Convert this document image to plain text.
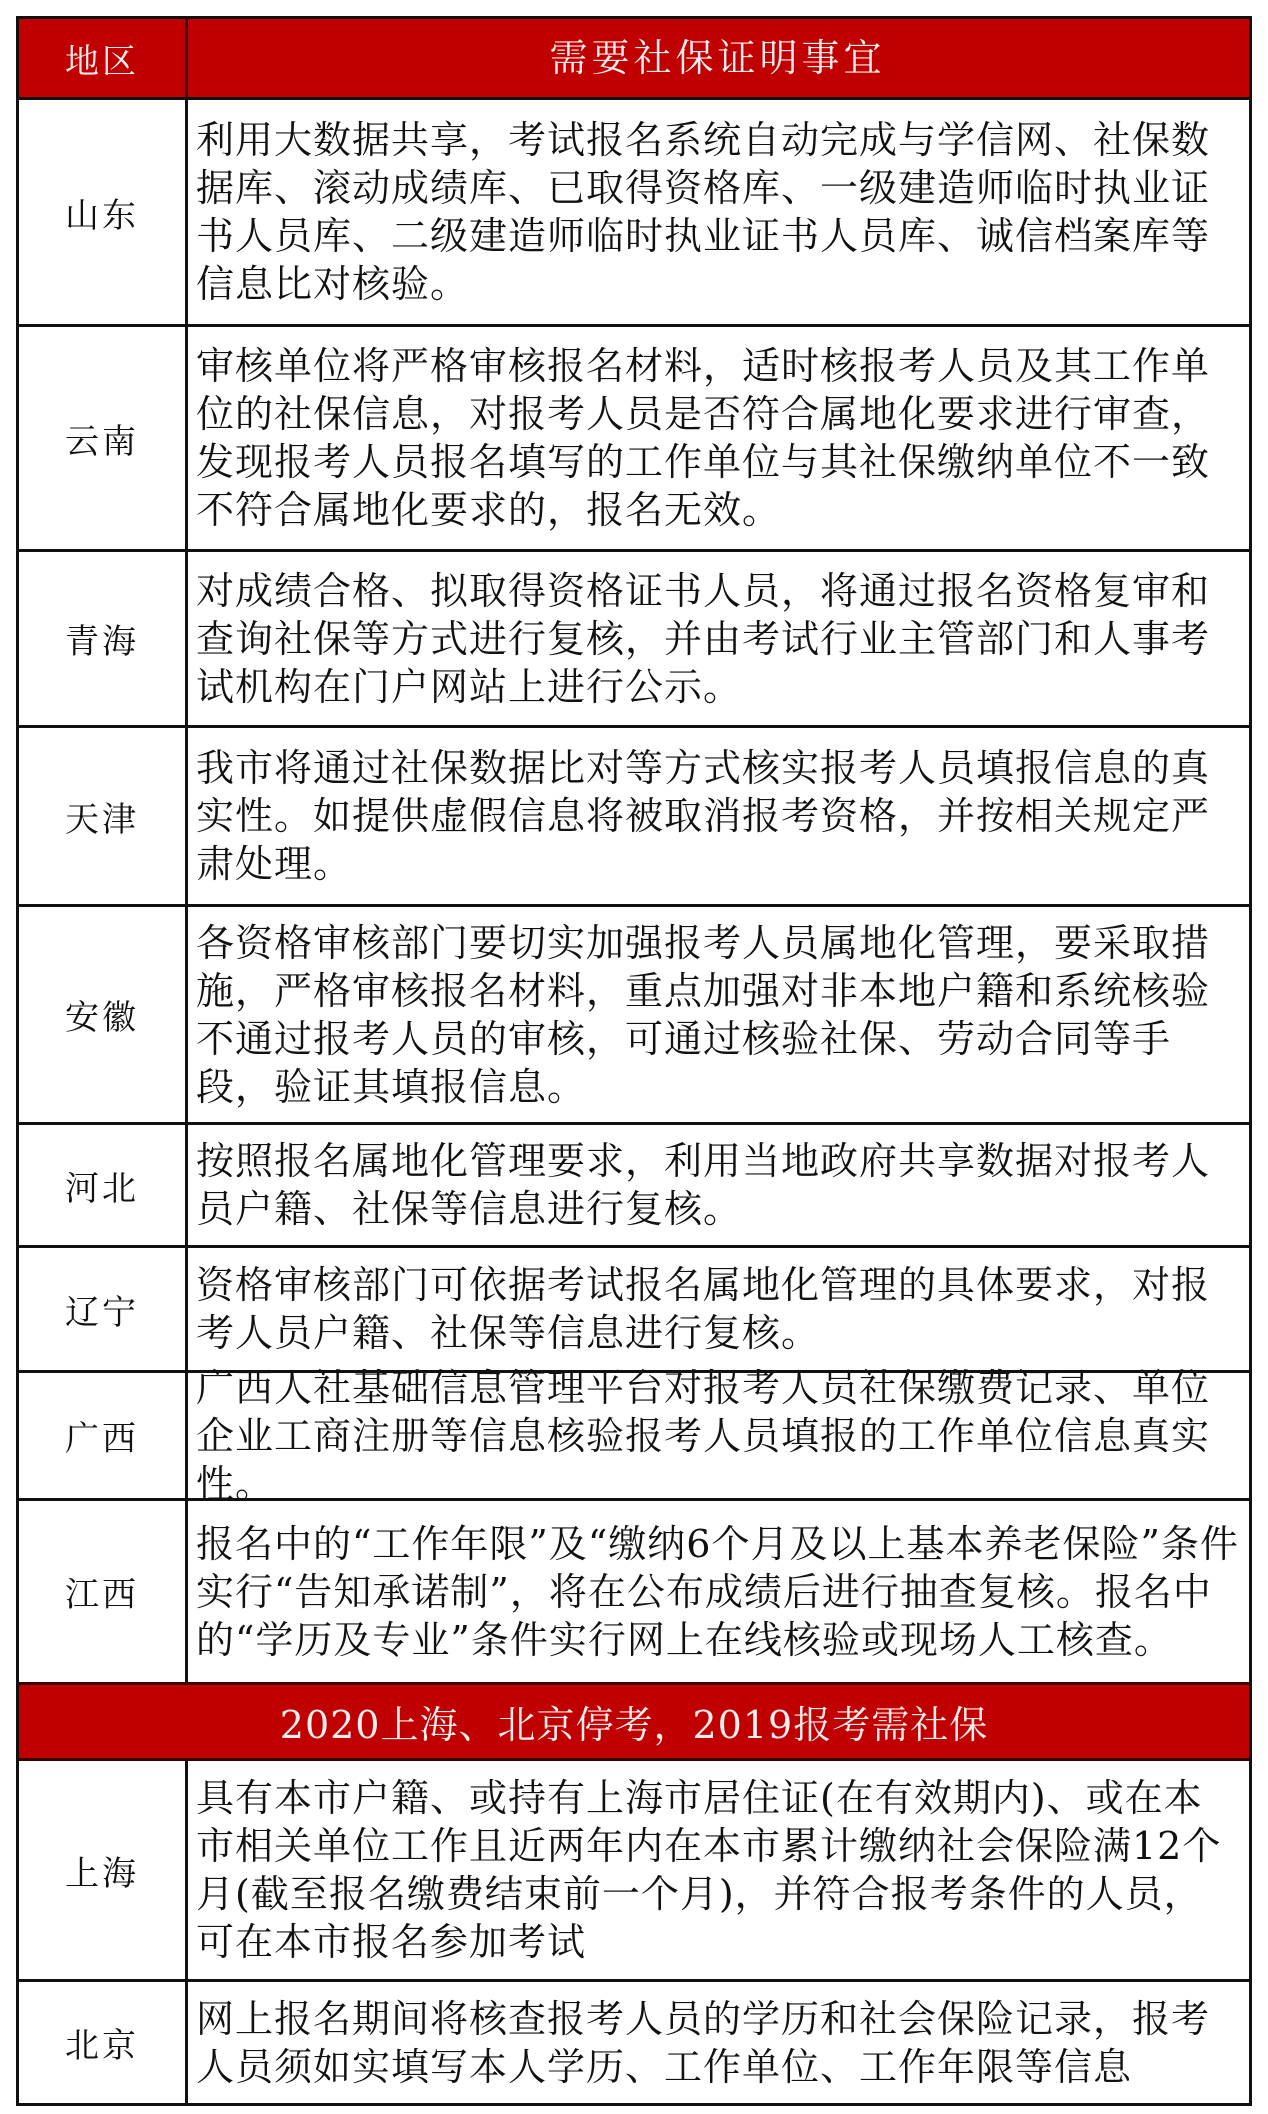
地区	需要社保证明事宜
山东
利用大数据共享，考试报名系统自动完成与学信网、社保数据库、滚动成绩库、已取得资格库、一级建造师临时执业证书人员库、二级建造师临时执业证书人员库、诚信档案库等信息比对核验。
云南
审核单位将严格审核报名材料，适时核报考人员及其工作单位的社保信息，对报考人员是否符合属地化要求进行审查，发现报考人员报名填写的工作单位与其社保缴纳单位不一致不符合属地化要求的，报名无效。
青海
对成绩合格、拟取得资格证书人员，将通过报名资格复审和查询社保等方式进行复核，并由考试行业主管部门和人事考试机构在门户网站上进行公示。
天津
我市将通过社保数据比对等方式核实报考人员填报信息的真实性。如提供虚假信息将被取消报考资格，并按相关规定严肃处理。
安徽
各资格审核部门要切实加强报考人员属地化管理，要采取措施，严格审核报名材料，重点加强对非本地户籍和系统核验不通过报考人员的审核，可通过核验社保、劳动合同等手段，验证其填报信息。
河北
按照报名属地化管理要求，利用当地政府共享数据对报考人员户籍、社保等信息进行复核。
辽宁
资格审核部门可依据考试报名属地化管理的具体要求，对报考人员户籍、社保等信息进行复核。
广西
广西人社基础信息管理平台对报考人员社保缴费记录、单位企业工商注册等信息核验报考人员填报的工作单位信息真实性。
江西
报名中的“工作年限”及“缴纳6个月及以上基本养老保险”条件实行“告知承诺制”，将在公布成绩后进行抽查复核。报名中的“学历及专业”条件实行网上在线核验或现场人工核查。
2020上海、北京停考，2019报考需社保
上海
具有本市户籍、或持有上海市居住证(在有效期内)、或在本市相关单位工作且近两年内在本市累计缴纳社会保险满12个月(截至报名缴费结束前一个月)，并符合报考条件的人员，可在本市报名参加考试
北京
网上报名期间将核查报考人员的学历和社会保险记录，报考人员须如实填写本人学历、工作单位、工作年限等信息
